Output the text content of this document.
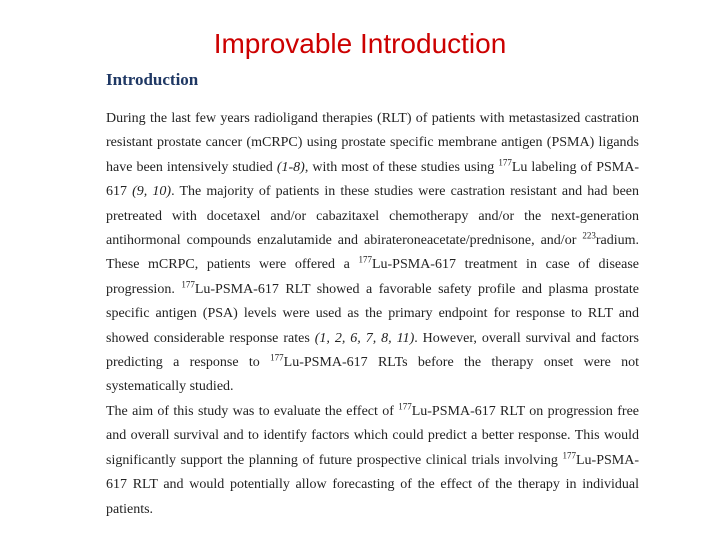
Improvable Introduction
Introduction

During the last few years radioligand therapies (RLT) of patients with metastasized castration resistant prostate cancer (mCRPC) using prostate specific membrane antigen (PSMA) ligands have been intensively studied (1-8), with most of these studies using $^{177}$Lu labeling of PSMA-617 (9, 10). The majority of patients in these studies were castration resistant and had been pretreated with docetaxel and/or cabazitaxel chemotherapy and/or the next-generation antihormonal compounds enzalutamide and abirateroneacetate/prednisone, and/or $^{223}$radium. These mCRPC, patients were offered a $^{177}$Lu-PSMA-617 treatment in case of disease progression. $^{177}$Lu-PSMA-617 RLT showed a favorable safety profile and plasma prostate specific antigen (PSA) levels were used as the primary endpoint for response to RLT and showed considerable response rates (1, 2, 6, 7, 8, 11). However, overall survival and factors predicting a response to $^{177}$Lu-PSMA-617 RLTs before the therapy onset were not systematically studied.

The aim of this study was to evaluate the effect of $^{177}$Lu-PSMA-617 RLT on progression free and overall survival and to identify factors which could predict a better response. This would significantly support the planning of future prospective clinical trials involving $^{177}$Lu-PSMA-617 RLT and would potentially allow forecasting of the effect of the therapy in individual patients.
